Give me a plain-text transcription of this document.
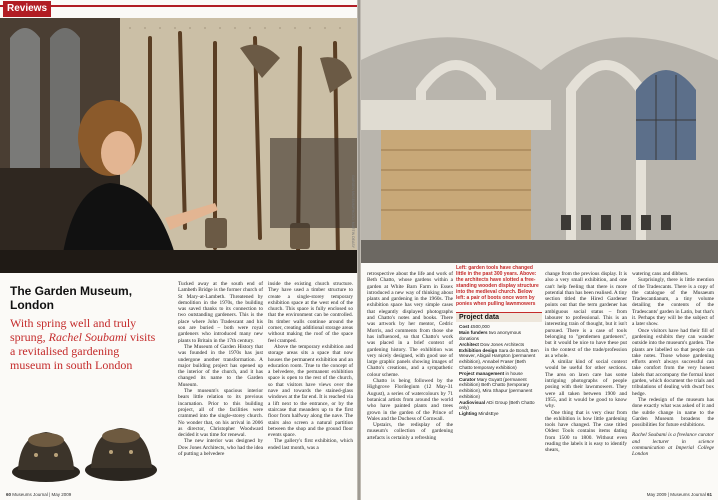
Reviews
GARDEN MUSEUM/PHOTO: MARTIN DEASY
The Garden Museum, London
With spring well and truly sprung, Rachel Soubami visits a revitalised gardening museum in south London

Tucked away at the south end of Lambeth Bridge is the former church of St Mary-at-Lambeth. Threatened by demolition in the 1970s, the building was saved thanks to its connection to two outstanding gardeners. This is the place where John Tradescant and his son are buried – both were royal gardeners who introduced many new plants to Britain in the 17th century.

The Museum of Garden History that was founded in the 1970s has just undergone another transformation. A major building project has opened up the interior of the church, and it has changed its name to the Garden Museum.

The museum's spacious interior bears little relation to its previous incarnation. Prior to this building project, all of the facilities were crammed into the single-storey church. No wonder that, on his arrival in 2006 as director, Christopher Woodward decided it was time for renewal.

The new interior was designed by Dow Jones Architects, who had the idea of putting a belvedere

inside the existing church structure. They have used a timber structure to create a single-storey temporary exhibition space at the west end of the church. This space is fully enclosed so that the environment can be controlled. Its timber walls continue around the corner, creating additional storage areas without making the roof of the space feel cramped.

Above the temporary exhibition and storage areas sits a space that now houses the permanent exhibition and an education room. True to the concept of a belvedere, the permanent exhibition space is open to the rest of the church, so that visitors have views over the nave and towards the stained-glass windows at the far end. It is reached via a lift next to the entrance, or by the staircase that meanders up to the first floor from halfway along the nave. The stairs also screen a natural partition between the shop and the ground floor events space.

The gallery's first exhibition, which ended last month, was a

60 Museums Journal | May 2009

retrospective about the life and work of Beth Chatto, whose gardens within a garden at White Barn Farm in Essex introduced a new way of thinking about plants and gardening in the 1960s. The exhibition space has very simple cases that elegantly displayed photographs and Chatto's notes and books. There was artwork by her mentor, Cedric Morris, and comments from those she has influenced, so that Chatto's work was placed in a brief context of gardening history. The exhibition was very nicely designed, with good use of large graphic panels showing images of Chatto's creations, and a sympathetic colour scheme.

Chatto is being followed by the Highgrove Florilegium (12 May-31 August), a series of watercolours by 71 botanical artists from around the world who have painted plants and trees grown in the garden of the Prince of Wales and the Duchess of Cornwall.

Upstairs, the redisplay of the museum's collection of gardening artefacts is certainly a refreshing

Left: garden tools have changed little in the past 300 years. Above: the architects have slotted a free-standing wooden display structure into the medieval church. Below left: a pair of boots once worn by ponies when pulling lawnmowers
Project data
Cost £500,000
Main funders two anonymous donations
Architect Dow Jones Architects
Exhibition design Sara de Bondt, Ben Weaver, Abigail Hampton (permanent exhibition), Annabel Fraser (Beth Chatto temporary exhibition)
Project management in house
Curator Mary Guyatt (permanent exhibition) Beth Chatto (temporary exhibition), Mira Shapur (permanent exhibition)
Audiovisual ADi Group (Beth Chatto only)
Lighting MindsEye

change from the previous display. It is also a very small exhibition, and one can't help feeling that there is more potential than has been realised. A tiny section titled the Hired Gardener points out that the term gardener has ambiguous social status – from labourer to professional. This is an interesting train of thought, but it isn't pursued. There is a case of tools belonging to "gentlemen gardeners", but it would be nice to have these put in the context of the trade/profession as a whole.

A similar kind of social context would be useful for other sections. The area on lawn care has some intriguing photographs of people posing with their lawnmowers. They were all taken between 1900 and 1955, and it would be good to know why.

One thing that is very clear from the exhibition is how little gardening tools have changed. The case titled Oldest Tools contains items dating from 1500 to 1800. Without even reading the labels it is easy to identify shears,

watering cans and dibbers.

Surprisingly, there is little mention of the Tradescants. There is a copy of the catalogue of the Musaeum Tradescantianum, a tiny volume detailing the contents of the Tradescants' garden in Latin, but that's it. Perhaps they will be the subject of a later show.

Once visitors have had their fill of gardening exhibits they can wander outside into the museum's garden. The plants are labelled so that people can take notes. Those whose gardening efforts aren't always successful can take comfort from the very honest labels that accompany the formal knot garden, which document the trials and tribulations of dealing with dwarf box hedge.

The redesign of the museum has done exactly what was asked of it and the subtle change in name to the Garden Museum broadens the possibilities for future exhibitions.

Rachel Soubami is a freelance curator and lecturer in science communication at Imperial College London

May 2009 | Museums Journal 61
